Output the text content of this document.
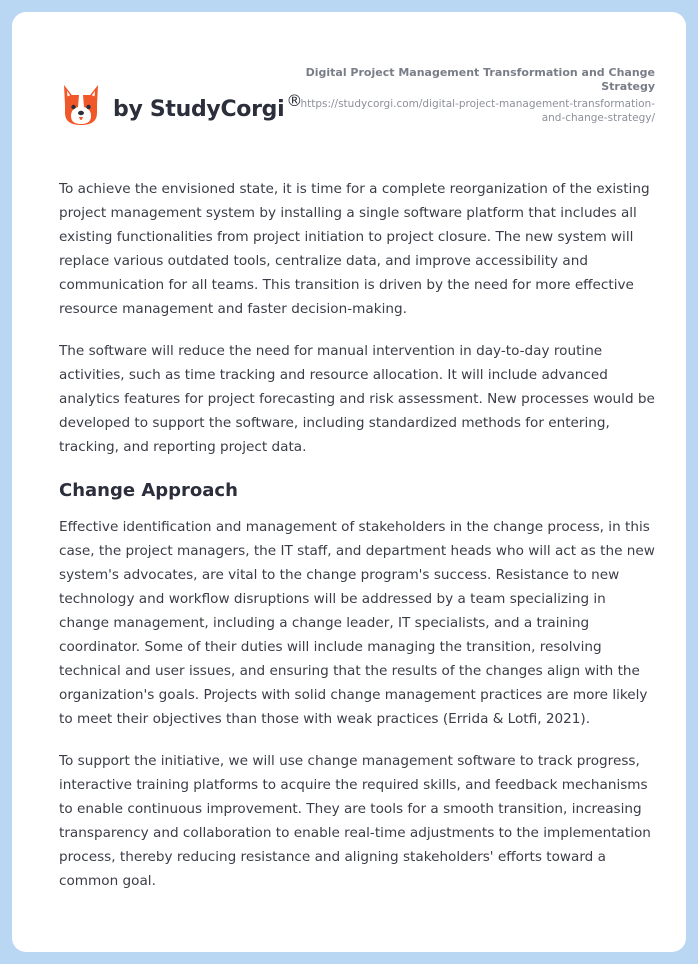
by StudyCorgi ®
Digital Project Management Transformation and Change Strategy
https://studycorgi.com/digital-project-management-transformation-and-change-strategy/

To achieve the envisioned state, it is time for a complete reorganization of the existing project management system by installing a single software platform that includes all existing functionalities from project initiation to project closure. The new system will replace various outdated tools, centralize data, and improve accessibility and communication for all teams. This transition is driven by the need for more effective resource management and faster decision-making.

The software will reduce the need for manual intervention in day-to-day routine activities, such as time tracking and resource allocation. It will include advanced analytics features for project forecasting and risk assessment. New processes would be developed to support the software, including standardized methods for entering, tracking, and reporting project data.

Change Approach

Effective identification and management of stakeholders in the change process, in this case, the project managers, the IT staff, and department heads who will act as the new system's advocates, are vital to the change program's success. Resistance to new technology and workflow disruptions will be addressed by a team specializing in change management, including a change leader, IT specialists, and a training coordinator. Some of their duties will include managing the transition, resolving technical and user issues, and ensuring that the results of the changes align with the organization's goals. Projects with solid change management practices are more likely to meet their objectives than those with weak practices (Errida & Lotfi, 2021).

To support the initiative, we will use change management software to track progress, interactive training platforms to acquire the required skills, and feedback mechanisms to enable continuous improvement. They are tools for a smooth transition, increasing transparency and collaboration to enable real-time adjustments to the implementation process, thereby reducing resistance and aligning stakeholders' efforts toward a common goal.
